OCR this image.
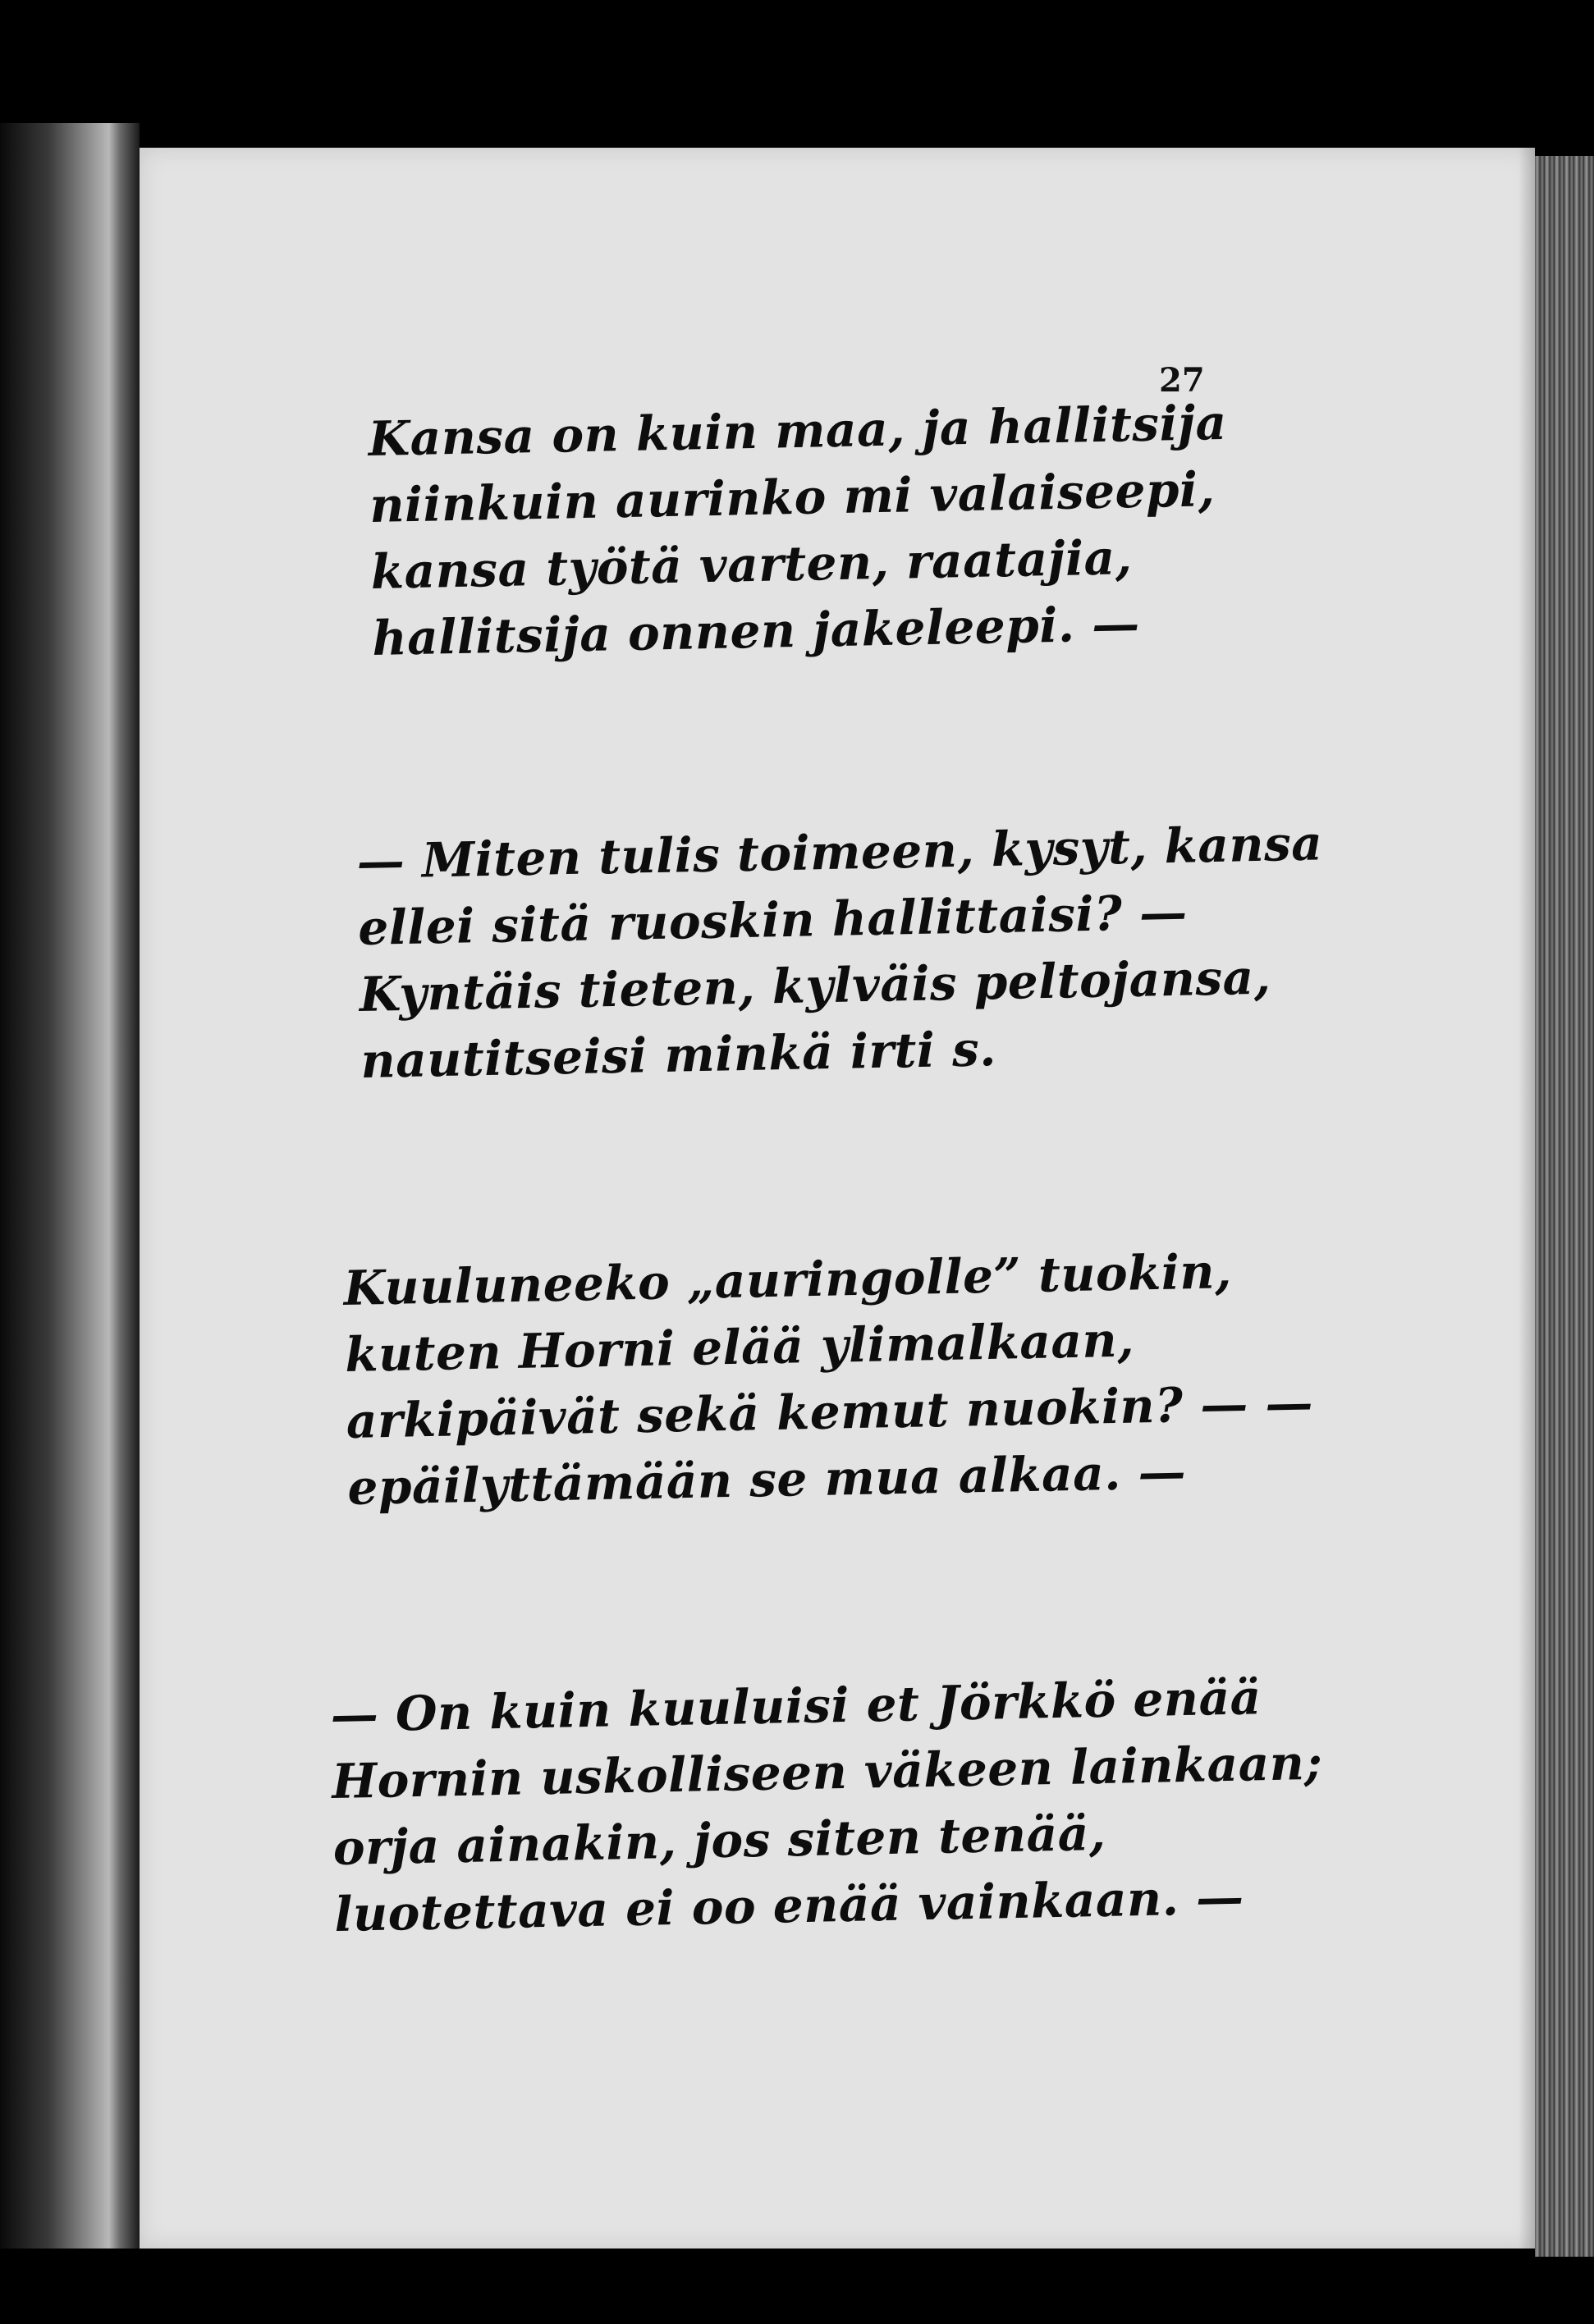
27
Kansa on kuin maa, ja hallitsija
niinkuin aurinko mi valaiseepi,
kansa työtä varten, raatajia,
hallitsija onnen jakeleepi. —
— Miten tulis toimeen, kysyt, kansa
ellei sitä ruoskin hallittaisi? —
Kyntäis tieten, kylväis peltojansa,
nautitseisi minkä irti s.
Kuuluneeko „auringolle” tuokin,
kuten Horni elää ylimalkaan,
arkipäivät sekä kemut nuokin? — —
epäilyttämään se mua alkaa. —
— On kuin kuuluisi et Jörkkö enää
Hornin uskolliseen väkeen lainkaan;
orja ainakin, jos siten tenää,
luotettava ei oo enää vainkaan. —
